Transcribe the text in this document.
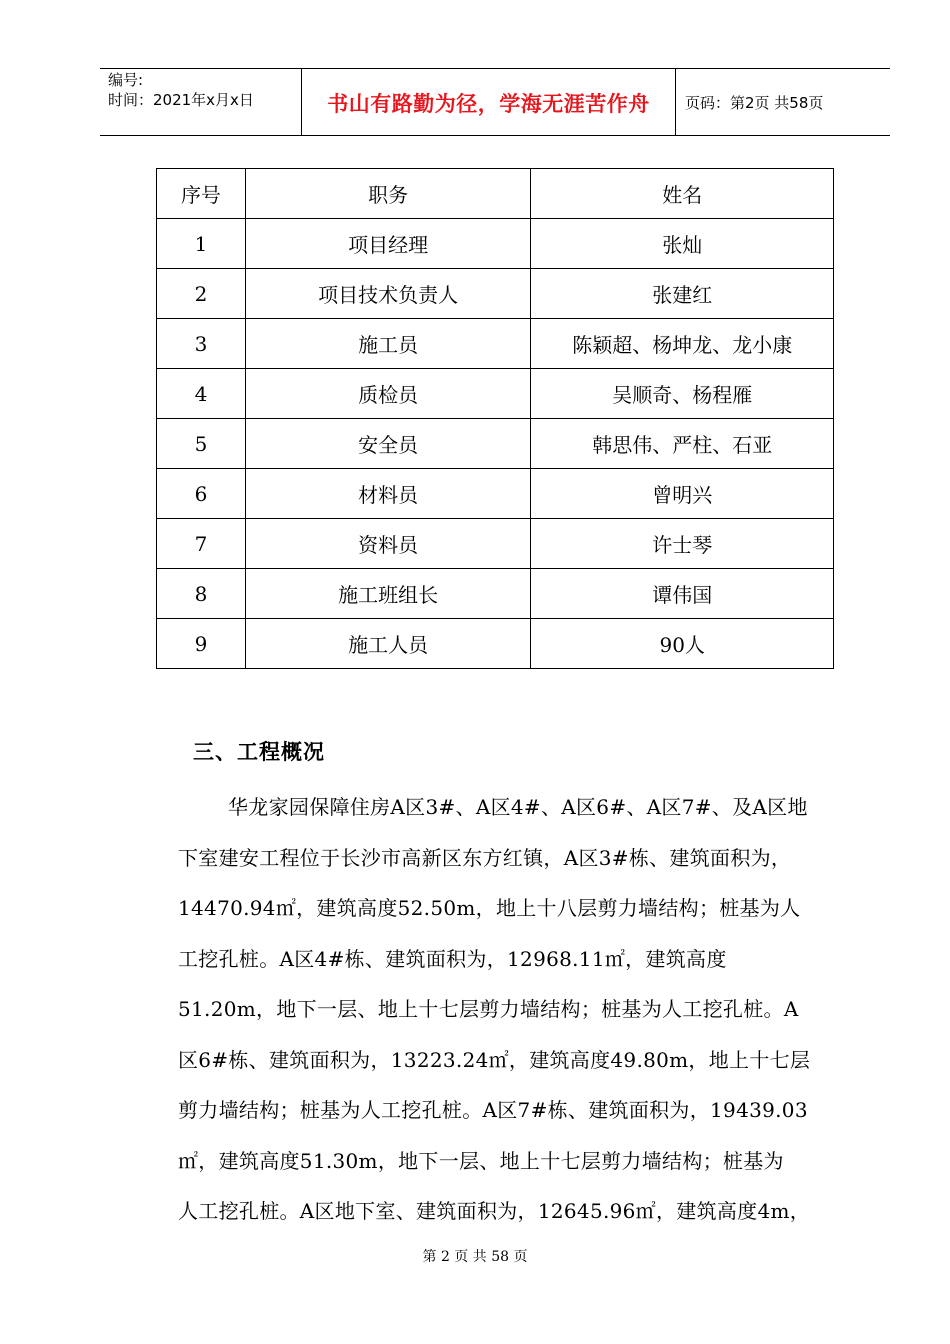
编号:
时间：2021年x月x日	书山有路勤为径，学海无涯苦作舟	页码：第2页 共58页
序号	职务	姓名
1	项目经理	张灿
2	项目技术负责人	张建红
3	施工员	陈颖超、杨坤龙、龙小康
4	质检员	吴顺奇、杨程雁
5	安全员	韩思伟、严柱、石亚
6	材料员	曾明兴
7	资料员	许士琴
8	施工班组长	谭伟国
9	施工人员	90人
三、工程概况
华龙家园保障住房A区3#、A区4#、A区6#、A区7#、及A区地
下室建安工程位于长沙市高新区东方红镇，A区3#栋、建筑面积为，
14470.94㎡，建筑高度52.50m，地上十八层剪力墙结构；桩基为人
工挖孔桩。A区4#栋、建筑面积为，12968.11㎡，建筑高度
51.20m，地下一层、地上十七层剪力墙结构；桩基为人工挖孔桩。A
区6#栋、建筑面积为，13223.24㎡，建筑高度49.80m，地上十七层
剪力墙结构；桩基为人工挖孔桩。A区7#栋、建筑面积为，19439.03
㎡，建筑高度51.30m，地下一层、地上十七层剪力墙结构；桩基为
人工挖孔桩。A区地下室、建筑面积为，12645.96㎡，建筑高度4m，
第 2 页 共 58 页
